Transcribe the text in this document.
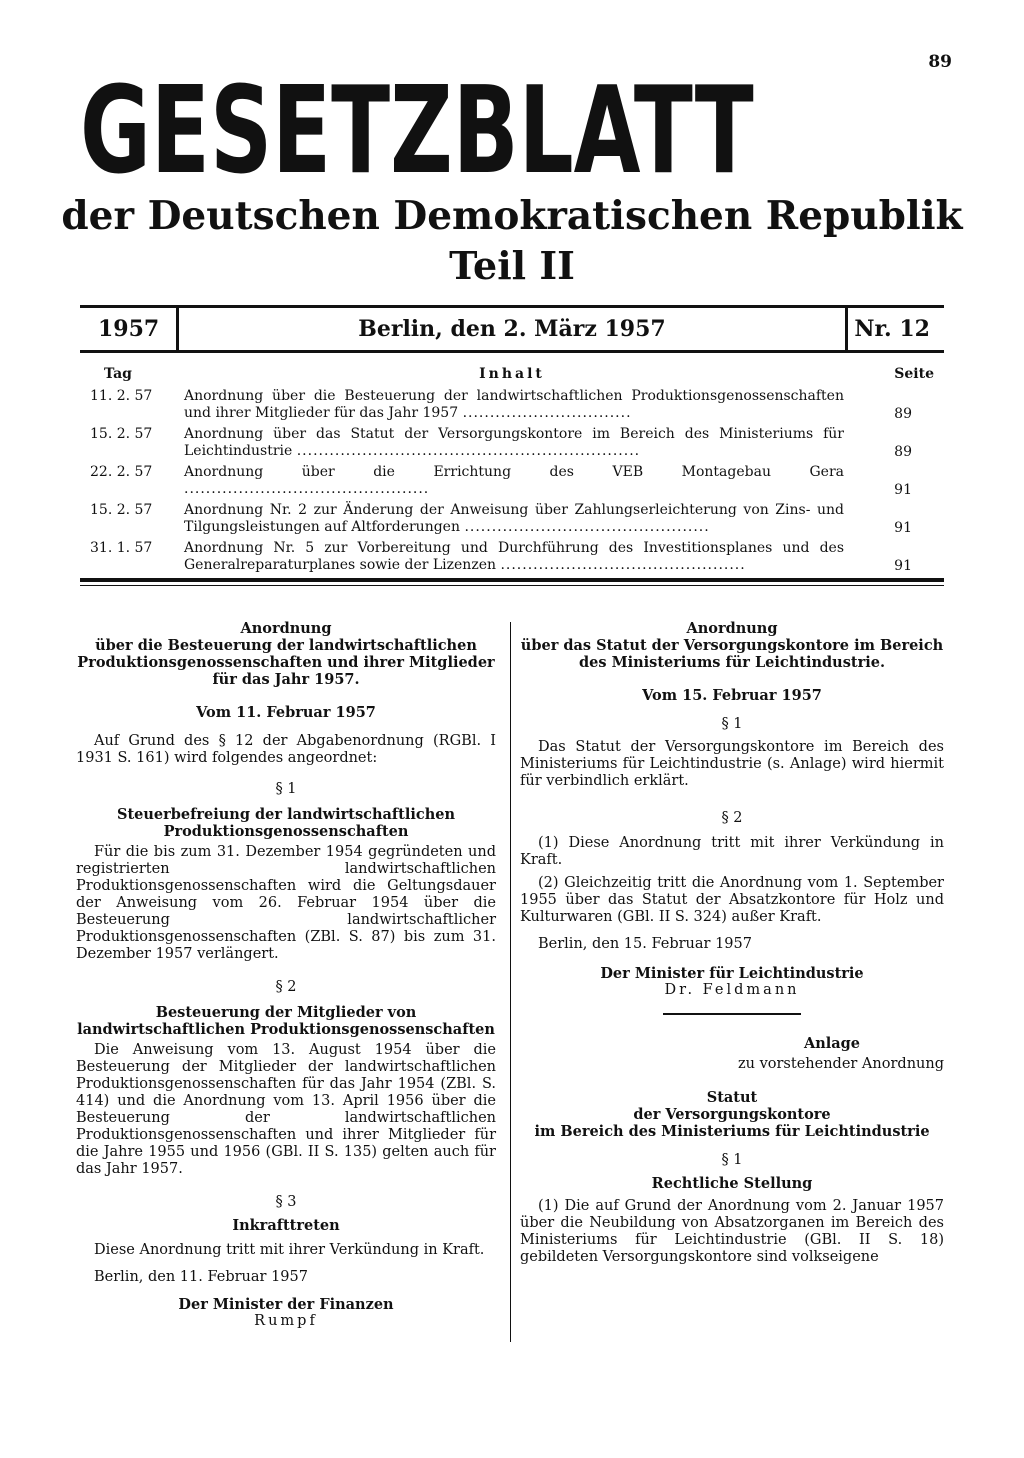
89
GESETZBLATT
der Deutschen Demokratischen Republik
Teil II
1957	Berlin, den 2. März 1957	Nr. 12
Tag	Inhalt	Seite
11. 2. 57	Anordnung über die Besteuerung der landwirtschaftlichen Produktionsgenossenschaften und ihrer Mitglieder für das Jahr 1957 ...............................	89
15. 2. 57	Anordnung über das Statut der Versorgungskontore im Bereich des Ministeriums für Leichtindustrie ...............................................................	89
22. 2. 57	Anordnung über die Errichtung des VEB Montagebau Gera .............................................	91
15. 2. 57	Anordnung Nr. 2 zur Änderung der Anweisung über Zahlungserleichterung von Zins- und Tilgungsleistungen auf Altforderungen .............................................	91
31. 1. 57	Anordnung Nr. 5 zur Vorbereitung und Durchführung des Investitionsplanes und des Generalreparaturplanes sowie der Lizenzen .............................................	91

Anordnung

über die Besteuerung der landwirtschaftlichen

Produktionsgenossenschaften und ihrer Mitglieder

für das Jahr 1957.

Vom 11. Februar 1957

Auf Grund des § 12 der Abgabenordnung (RGBl. I 1931 S. 161) wird folgendes angeordnet:

§ 1

Steuerbefreiung der landwirtschaftlichen Produktionsgenossenschaften

Für die bis zum 31. Dezember 1954 gegründeten und registrierten landwirtschaftlichen Produktionsgenossenschaften wird die Geltungsdauer der Anweisung vom 26. Februar 1954 über die Besteuerung landwirtschaftlicher Produktionsgenossenschaften (ZBl. S. 87) bis zum 31. Dezember 1957 verlängert.

§ 2

Besteuerung der Mitglieder von landwirtschaftlichen Produktionsgenossenschaften

Die Anweisung vom 13. August 1954 über die Besteuerung der Mitglieder der landwirtschaftlichen Produktionsgenossenschaften für das Jahr 1954 (ZBl. S. 414) und die Anordnung vom 13. April 1956 über die Besteuerung der landwirtschaftlichen Produktionsgenossenschaften und ihrer Mitglieder für die Jahre 1955 und 1956 (GBl. II S. 135) gelten auch für das Jahr 1957.

§ 3

Inkrafttreten

Diese Anordnung tritt mit ihrer Verkündung in Kraft.

Berlin, den 11. Februar 1957

Der Minister der Finanzen

Rumpf

Anordnung

über das Statut der Versorgungskontore im Bereich

des Ministeriums für Leichtindustrie.

Vom 15. Februar 1957

§ 1

Das Statut der Versorgungskontore im Bereich des Ministeriums für Leichtindustrie (s. Anlage) wird hiermit für verbindlich erklärt.

§ 2

(1) Diese Anordnung tritt mit ihrer Verkündung in Kraft.

(2) Gleichzeitig tritt die Anordnung vom 1. September 1955 über das Statut der Absatzkontore für Holz und Kulturwaren (GBl. II S. 324) außer Kraft.

Berlin, den 15. Februar 1957

Der Minister für Leichtindustrie

Dr. Feldmann

Anlage

zu vorstehender Anordnung

Statut

der Versorgungskontore

im Bereich des Ministeriums für Leichtindustrie

§ 1

Rechtliche Stellung

(1) Die auf Grund der Anordnung vom 2. Januar 1957 über die Neubildung von Absatzorganen im Bereich des Ministeriums für Leichtindustrie (GBl. II S. 18) gebildeten Versorgungskontore sind volkseigene
